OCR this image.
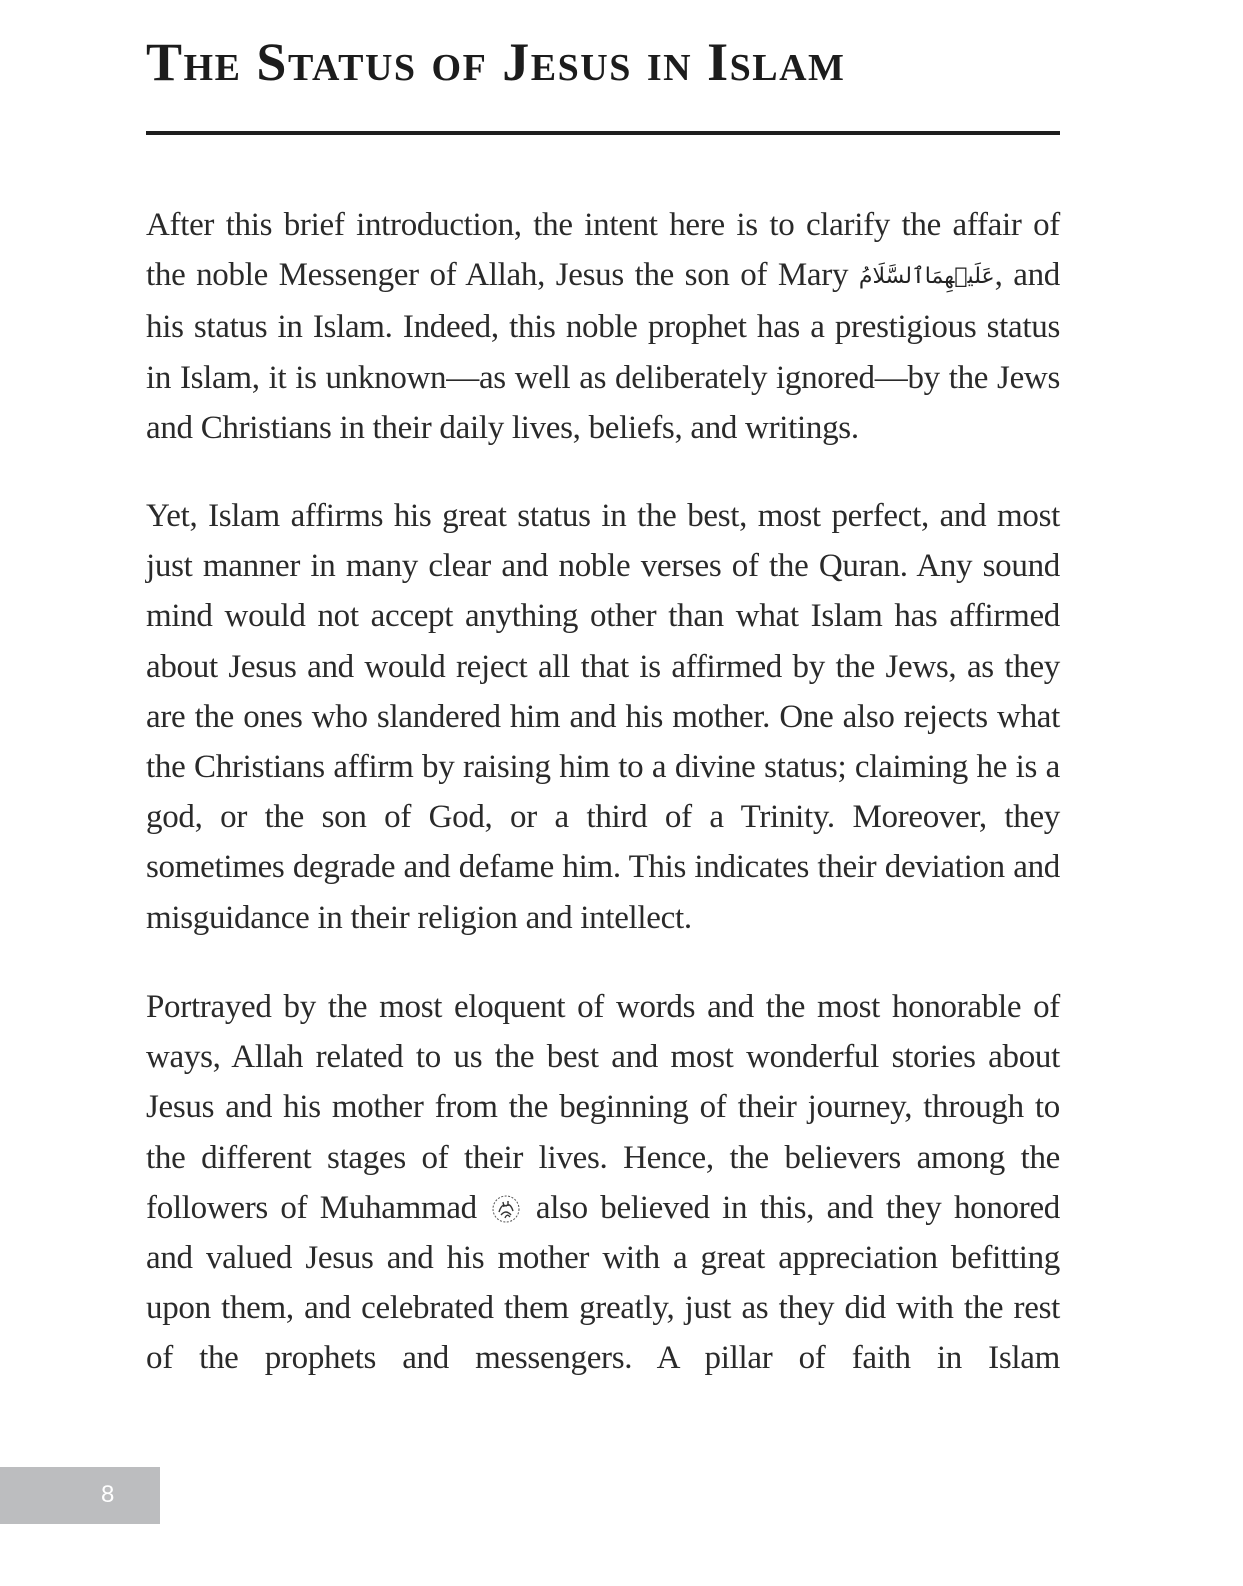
The Status of Jesus in Islam

After this brief introduction, the intent here is to clarify the affair of the noble Messenger of Allah, Jesus the son of Mary عَلَيۡهِمَاٱلسَّلَامُ, and his status in Islam. Indeed, this noble prophet has a prestigious status in Islam, it is unknown—as well as deliberately ignored—by the Jews and Christians in their daily lives, beliefs, and writings.

Yet, Islam affirms his great status in the best, most perfect, and most just manner in many clear and noble verses of the Quran. Any sound mind would not accept anything other than what Islam has affirmed about Jesus and would reject all that is affirmed by the Jews, as they are the ones who slandered him and his mother. One also rejects what the Christians affirm by raising him to a divine status; claiming he is a god, or the son of God, or a third of a Trinity. Moreover, they sometimes degrade and defame him. This indicates their deviation and misguidance in their religion and intellect.

Portrayed by the most eloquent of words and the most honorable of ways, Allah related to us the best and most wonderful stories about Jesus and his mother from the beginning of their journey, through to the different stages of their lives. Hence, the believers among the followers of Muhammad  also believed in this, and they honored and valued Jesus and his mother with a great appreciation befitting upon them, and celebrated them greatly, just as they did with the rest of the prophets and messengers. A pillar of faith in Islam

8
